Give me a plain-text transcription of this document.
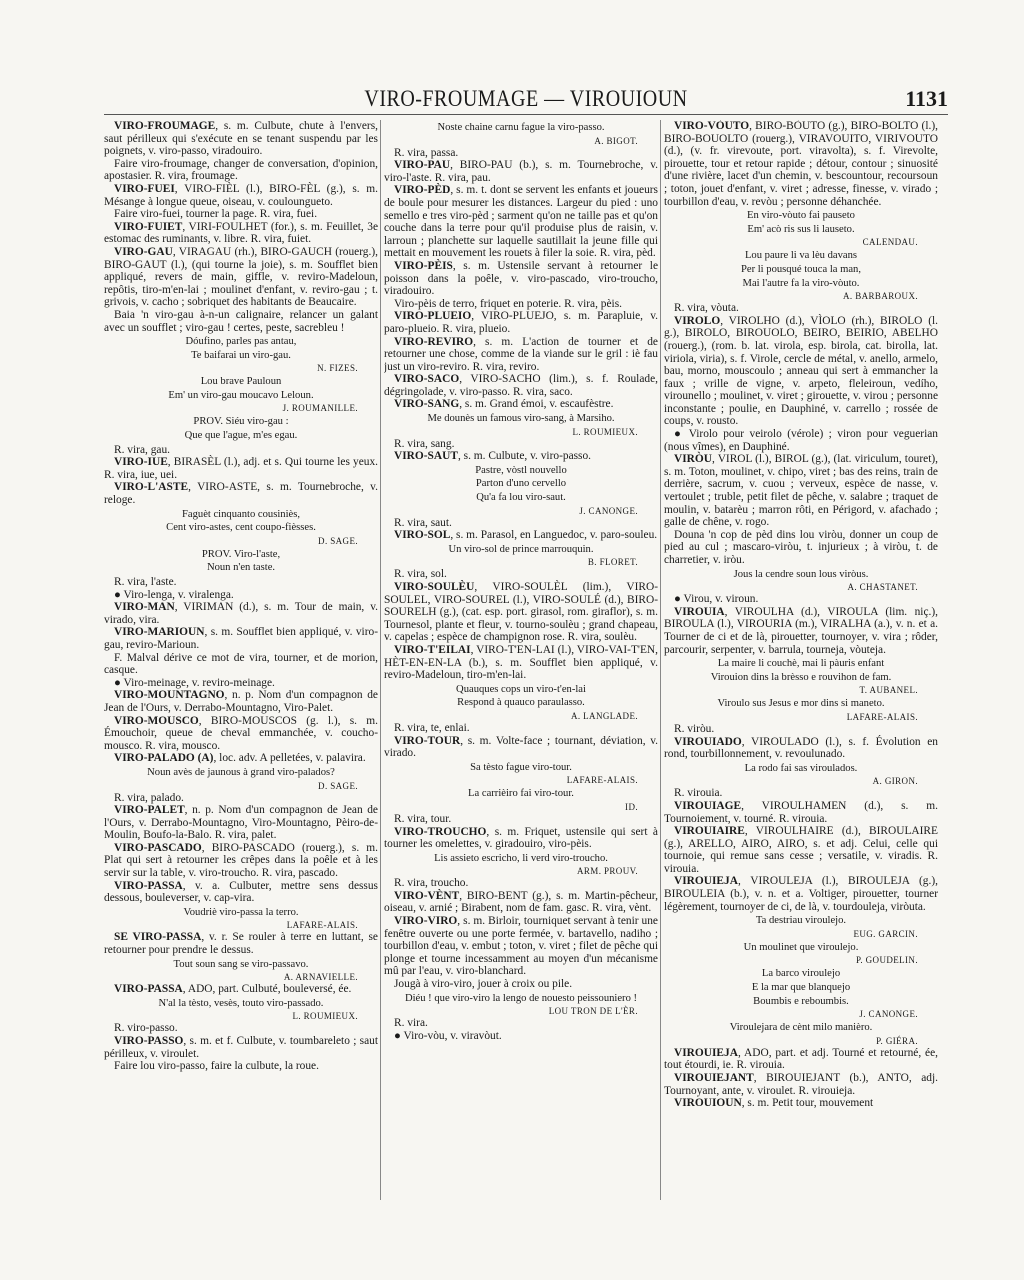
VIRO-FROUMAGE — VIROUIOUN	1131

VIRO-FROUMAGE, s. m. Culbute, chute à l'envers, saut périlleux qui s'exécute en se tenant suspendu par les poignets, v. viro-passo, viradouiro.

Faire viro-froumage, changer de conversation, d'opinion, apostasier. R. vira, froumage.

VIRO-FUEI, VIRO-FIÈL (l.), BIRO-FÈL (g.), s. m. Mésange à longue queue, oiseau, v. couloungueto.

Faire viro-fuei, tourner la page. R. vira, fuei.

VIRO-FUIET, VIRI-FOULHET (for.), s. m. Feuillet, 3e estomac des ruminants, v. libre. R. vira, fuiet.

VIRO-GAU, VIRAGAU (rh.), BIRO-GAUCH (rouerg.), BIRO-GAUT (l.), (qui tourne la joie), s. m. Soufflet bien appliqué, revers de main, giffle, v. reviro-Madeloun, repôtis, tiro-m'en-lai ; moulinet d'enfant, v. reviro-gau ; t. grivois, v. cacho ; sobriquet des habitants de Beaucaire.

Baia 'n viro-gau à-n-un calignaire, relancer un galant avec un soufflet ; viro-gau ! certes, peste, sacrebleu !

Dóufino, parles pas antau,
Te baifarai un viro-gau.
N. FIZES.
Lou brave Pauloun
Em' un viro-gau moucavo Leloun.
J. ROUMANILLE.
PROV. Siéu viro-gau :
Que que l'ague, m'es egau.

R. vira, gau.

VIRO-IUE, BIRASÈL (l.), adj. et s. Qui tourne les yeux. R. vira, iue, uei.

VIRO-L'ASTE, VIRO-ASTE, s. m. Tournebroche, v. reloge.

Faguèt cinquanto cousiniès,
Cent viro-astes, cent coupo-fièsses.
D. SAGE.
PROV. Viro-l'aste,
Noun n'en taste.

R. vira, l'aste.

● Viro-lenga, v. viralenga.

VIRO-MAN, VIRIMAN (d.), s. m. Tour de main, v. virado, vira.

VIRO-MARIOUN, s. m. Soufflet bien appliqué, v. viro-gau, reviro-Marioun.

F. Malval dérive ce mot de vira, tourner, et de morion, casque.

● Viro-meinage, v. reviro-meinage.

VIRO-MOUNTAGNO, n. p. Nom d'un compagnon de Jean de l'Ours, v. Derrabo-Mountagno, Viro-Palet.

VIRO-MOUSCO, BIRO-MOUSCOS (g. l.), s. m. Émouchoir, queue de cheval emmanchée, v. coucho-mousco. R. vira, mousco.

VIRO-PALADO (A), loc. adv. A pelletées, v. palavira.

Noun avès de jaunous à grand viro-palados?
D. SAGE.

R. vira, palado.

VIRO-PALET, n. p. Nom d'un compagnon de Jean de l'Ours, v. Derrabo-Mountagno, Viro-Mountagno, Pèiro-de-Moulin, Boufo-la-Balo. R. vira, palet.

VIRO-PASCADO, BIRO-PASCADO (rouerg.), s. m. Plat qui sert à retourner les crêpes dans la poêle et à les servir sur la table, v. viro-troucho. R. vira, pascado.

VIRO-PASSA, v. a. Culbuter, mettre sens dessus dessous, bouleverser, v. cap-vira.

Voudriè viro-passa la terro.
LAFARE-ALAIS.

SE VIRO-PASSA, v. r. Se rouler à terre en luttant, se retourner pour prendre le dessus.

Tout soun sang se viro-passavo.
A. ARNAVIELLE.

VIRO-PASSA, ADO, part. Culbuté, bouleversé, ée.

N'al la tèsto, vesès, touto viro-passado.
L. ROUMIEUX.

R. viro-passo.

VIRO-PASSO, s. m. et f. Culbute, v. toumbareleto ; saut périlleux, v. viroulet.

Faire lou viro-passo, faire la culbute, la roue.

Noste chaine carnu fague la viro-passo.
A. BIGOT.

R. vira, passa.

VIRO-PAU, BIRO-PAU (b.), s. m. Tournebroche, v. viro-l'aste. R. vira, pau.

VIRO-PÈD, s. m. t. dont se servent les enfants et joueurs de boule pour mesurer les distances. Largeur du pied : uno semello e tres viro-pèd ; sarment qu'on ne taille pas et qu'on couche dans la terre pour qu'il produise plus de raisin, v. larroun ; planchette sur laquelle sautillait la jeune fille qui mettait en mouvement les rouets à filer la soie. R. vira, pèd.

VIRO-PÈIS, s. m. Ustensile servant à retourner le poisson dans la poêle, v. viro-pascado, viro-troucho, viradouiro.

Viro-pèis de terro, friquet en poterie. R. vira, pèis.

VIRO-PLUEIO, VIRO-PLUEJO, s. m. Parapluie, v. paro-plueio. R. vira, plueio.

VIRO-REVIRO, s. m. L'action de tourner et de retourner une chose, comme de la viande sur le gril : iè fau just un viro-reviro. R. vira, reviro.

VIRO-SACO, VIRO-SACHO (lim.), s. f. Roulade, dégringolade, v. viro-passo. R. vira, saco.

VIRO-SANG, s. m. Grand émoi, v. escaufèstre.

Me dounès un famous viro-sang, à Marsiho.
L. ROUMIEUX.

R. vira, sang.

VIRO-SAUT, s. m. Culbute, v. viro-passo.

Pastre, vòstl nouvello
Parton d'uno cervello
Qu'a fa lou viro-saut.
J. CANONGE.

R. vira, saut.

VIRO-SOL, s. m. Parasol, en Languedoc, v. paro-souleu.

Un viro-sol de prince marrouquin.
B. FLORET.

R. vira, sol.

VIRO-SOULÈU, VIRO-SOULÈL (lim.), VIRO-SOULEL, VIRO-SOUREL (l.), VIRO-SOULÉ (d.), BIRO-SOURELH (g.), (cat. esp. port. girasol, rom. giraflor), s. m. Tournesol, plante et fleur, v. tourno-soulèu ; grand chapeau, v. capelas ; espèce de champignon rose. R. vira, soulèu.

VIRO-T'EILAI, VIRO-T'EN-LAI (l.), VIRO-VAI-T'EN, HÈT-EN-EN-LA (b.), s. m. Soufflet bien appliqué, v. reviro-Madeloun, tiro-m'en-lai.

Quauques cops un viro-t'en-lai
Respond à quauco paraulasso.
A. LANGLADE.

R. vira, te, enlai.

VIRO-TOUR, s. m. Volte-face ; tournant, déviation, v. virado.

Sa tèsto fague viro-tour.
LAFARE-ALAIS.
La carrièiro fai viro-tour.
ID.

R. vira, tour.

VIRO-TROUCHO, s. m. Friquet, ustensile qui sert à tourner les omelettes, v. giradouiro, viro-pèis.

Lis assieto escricho, li verd viro-troucho.
ARM. PROUV.

R. vira, troucho.

VIRO-VÈNT, BIRO-BENT (g.), s. m. Martin-pêcheur, oiseau, v. arnié ; Birabent, nom de fam. gasc. R. vira, vènt.

VIRO-VIRO, s. m. Birloir, tourniquet servant à tenir une fenêtre ouverte ou une porte fermée, v. bartavello, nadiho ; tourbillon d'eau, v. embut ; toton, v. viret ; filet de pêche qui plonge et tourne incessamment au moyen d'un mécanisme mû par l'eau, v. viro-blanchard.

Jougà à viro-viro, jouer à croix ou pile.

Diéu ! que viro-viro la lengo de nouesto peissouniero !
LOU TRON DE L'ÈR.

R. vira.

● Viro-vòu, v. viravòut.

VIRO-VÒUTO, BIRO-BÒUTO (g.), BIRO-BOLTO (l.), BIRO-BOUOLTO (rouerg.), VIRAVOUITO, VIRIVOUTO (d.), (v. fr. virevoute, port. viravolta), s. f. Virevolte, pirouette, tour et retour rapide ; détour, contour ; sinuosité d'une rivière, lacet d'un chemin, v. bescountour, recoursoun ; toton, jouet d'enfant, v. viret ; adresse, finesse, v. virado ; tourbillon d'eau, v. revòu ; personne déhanchée.

En viro-vòuto fai pauseto
Em' acò ris sus li lauseto.
CALENDAU.
Lou paure li va lèu davans
Per li pousqué touca la man,
Mai l'autre fa la viro-vòuto.
A. BARBAROUX.

R. vira, vòuta.

VIROLO, VIROLHO (d.), VÌOLO (rh.), BIROLO (l. g.), BIROLO, BIROUOLO, BEIRO, BEIRIO, ABELHO (rouerg.), (rom. b. lat. virola, esp. birola, cat. birolla, lat. viriola, viria), s. f. Virole, cercle de métal, v. anello, armelo, bau, morno, mouscoulo ; anneau qui sert à emmancher la faux ; vrille de vigne, v. arpeto, fleleiroun, vedího, virounello ; moulinet, v. viret ; girouette, v. virou ; personne inconstante ; poulie, en Dauphiné, v. carrello ; rossée de coups, v. rousto.

● Virolo pour veirolo (vérole) ; viron pour veguerian (nous vîmes), en Dauphiné.

VIRÒU, VIROL (l.), BIROL (g.), (lat. viriculum, touret), s. m. Toton, moulinet, v. chipo, viret ; bas des reins, train de derrière, sacrum, v. cuou ; verveux, espèce de nasse, v. vertoulet ; truble, petit filet de pêche, v. salabre ; traquet de moulin, v. batarèu ; marron rôti, en Périgord, v. afachado ; galle de chêne, v. rogo.

Douna 'n cop de pèd dins lou viròu, donner un coup de pied au cul ; mascaro-viròu, t. injurieux ; à viròu, t. de charretier, v. iròu.

Jous la cendre soun lous viròus.
A. CHASTANET.

● Virou, v. viroun.

VIROUIA, VIROULHA (d.), VIROULA (lim. niç.), BIROULA (l.), VIROURIA (m.), VIRALHA (a.), v. n. et a. Tourner de ci et de là, pirouetter, tournoyer, v. vira ; rôder, parcourir, serpenter, v. barrula, tournejа, vòuteja.

La maire li couchè, mai li pàuris enfant
Virouion dins la brèsso e rouvihon de fam.
T. AUBANEL.
Viroulo sus Jesus e mor dins si maneto.
LAFARE-ALAIS.

R. viròu.

VIROUIADO, VIROULADO (l.), s. f. Évolution en rond, tourbillonnement, v. revoulunado.

La rodo fai sas viroulados.
A. GIRON.

R. virouia.

VIROUIAGE, VIROULHAMEN (d.), s. m. Tournoiement, v. tourné. R. virouia.

VIROUIAIRE, VIROULHAIRE (d.), BIROULAIRE (g.), ARELLO, AIRO, AIRO, s. et adj. Celui, celle qui tournoie, qui remue sans cesse ; versatile, v. viradis. R. virouia.

VIROUIEJA, VIROULEJA (l.), BIROULEJA (g.), BIROULEIA (b.), v. n. et a. Voltiger, pirouetter, tourner légèrement, tournoyer de ci, de là, v. tourdouleja, viròuta.

Ta destriau viroulejo.
EUG. GARCIN.
Un moulinet que viroulejo.
P. GOUDELIN.
La barco viroulejo
E la mar que blanquejo
Boumbis e reboumbis.
J. CANONGE.
Viroulejara de cènt milo manièro.
P. GIÉRA.

VIROUIEJA, ADO, part. et adj. Tourné et retourné, ée, tout étourdi, ie. R. virouia.

VIROUIEJANT, BIROUIEJANT (b.), ANTO, adj. Tournoyant, ante, v. viroulet. R. virouieja.

VIROUIOUN, s. m. Petit tour, mouvement
